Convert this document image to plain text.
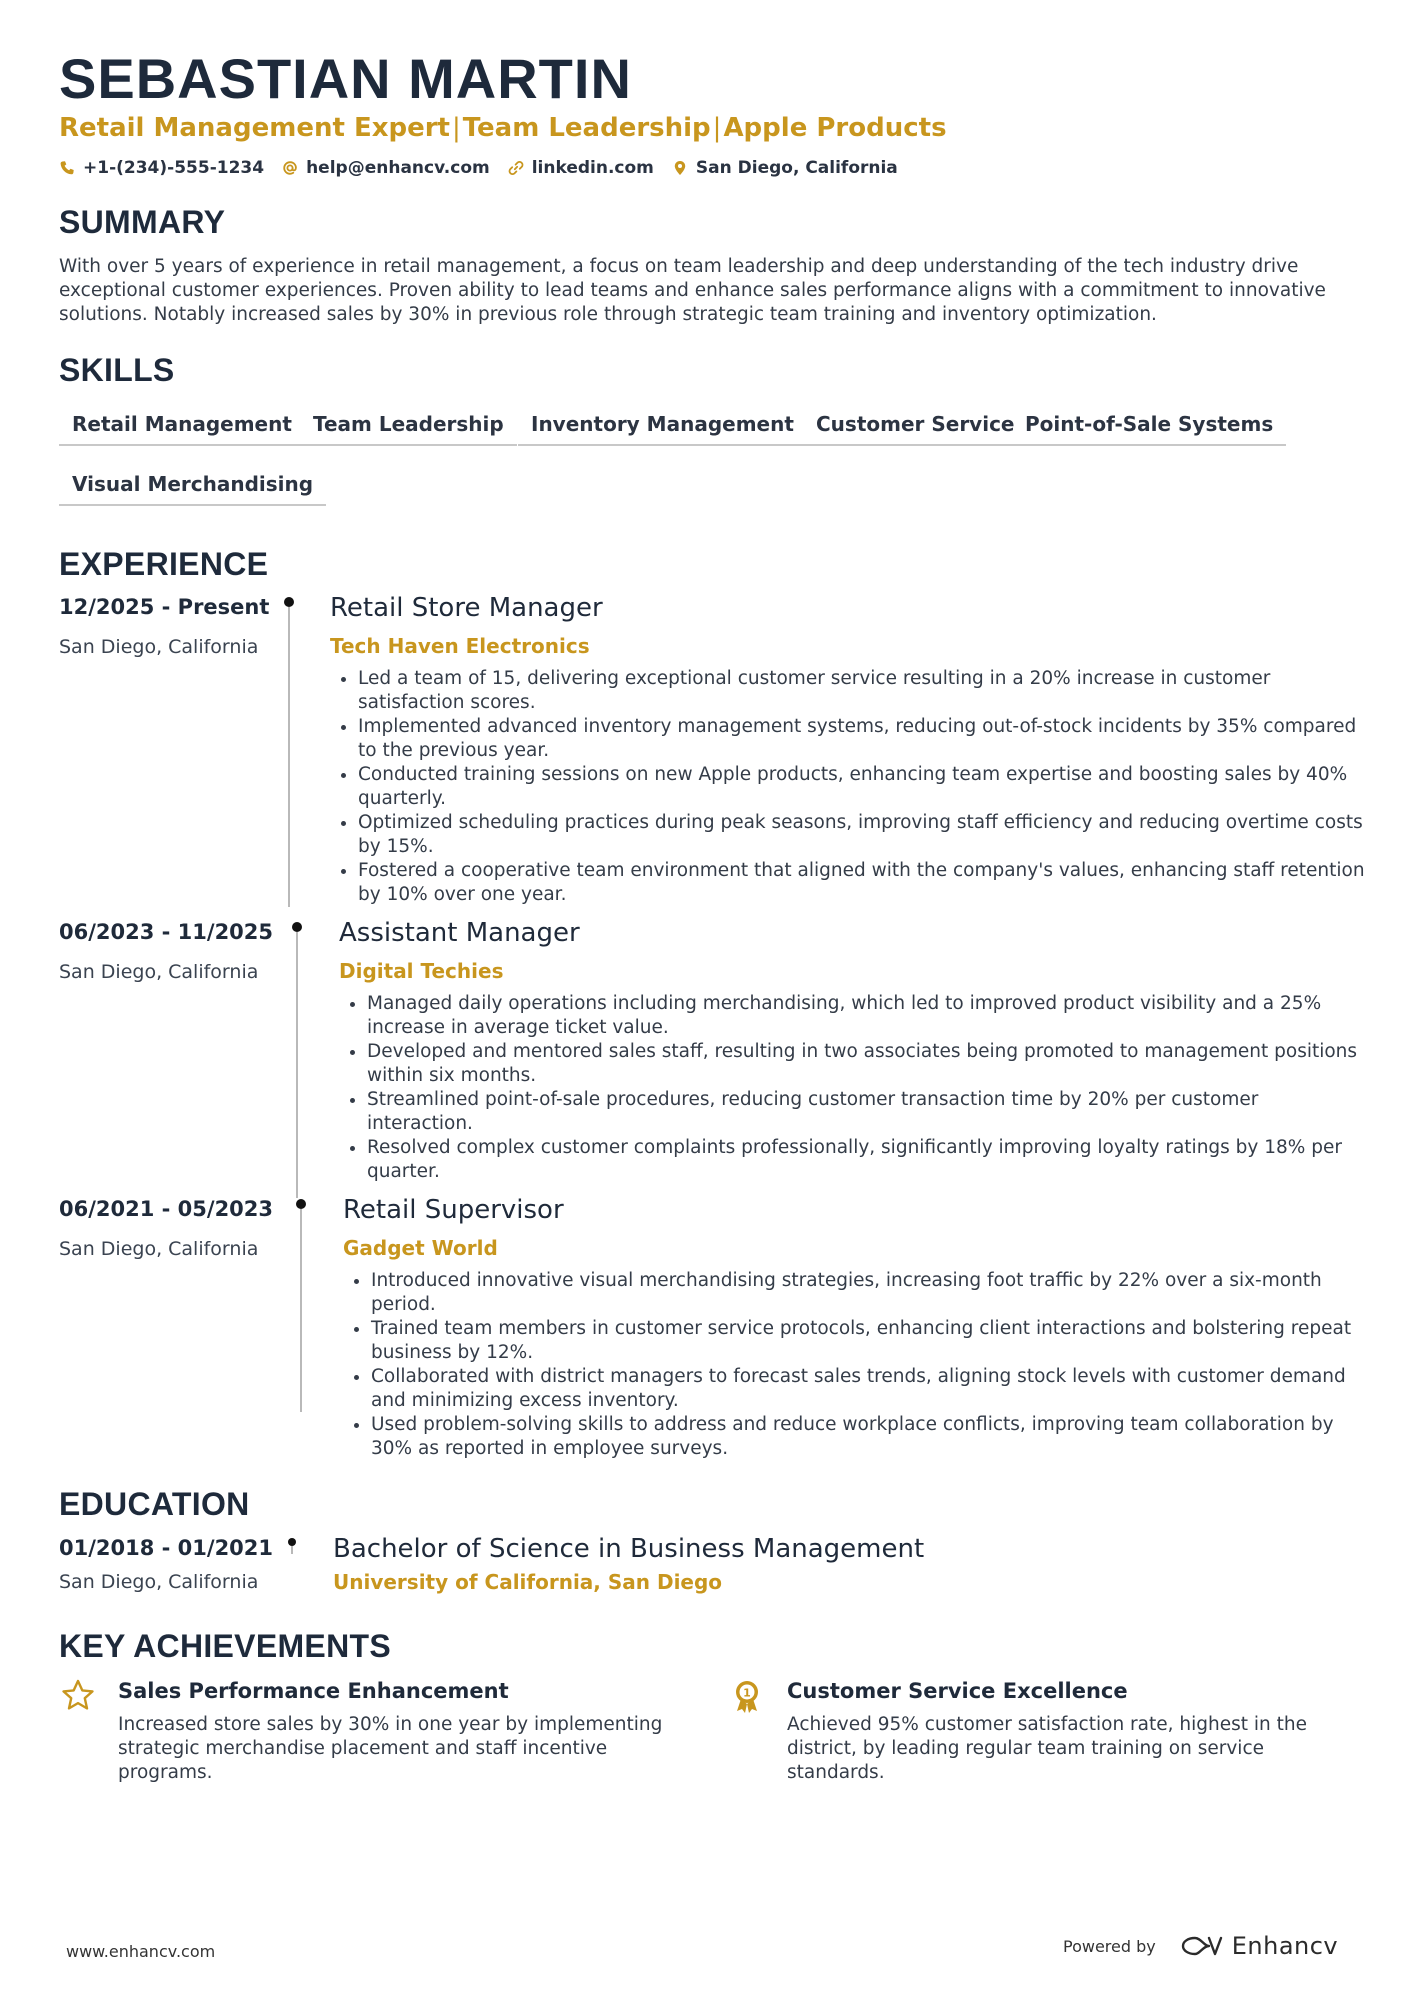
SEBASTIAN MARTIN
Retail Management Expert|Team Leadership|Apple Products
+1-(234)-555-1234 help@enhancv.com linkedin.com San Diego, California
SUMMARY
With over 5 years of experience in retail management, a focus on team leadership and deep understanding of the tech industry drive exceptional customer experiences. Proven ability to lead teams and enhance sales performance aligns with a commitment to innovative solutions. Notably increased sales by 30% in previous role through strategic team training and inventory optimization.
SKILLS
Retail Management	Team Leadership	Inventory Management	Customer Service Point-of-Sale Systems
Visual Merchandising
EXPERIENCE
12/2025 - Present
San Diego, California
Retail Store Manager
Tech Haven Electronics
• Led a team of 15, delivering exceptional customer service resulting in a 20% increase in customer satisfaction scores.
• Implemented advanced inventory management systems, reducing out-of-stock incidents by 35% compared to the previous year.
• Conducted training sessions on new Apple products, enhancing team expertise and boosting sales by 40% quarterly.
• Optimized scheduling practices during peak seasons, improving staff efficiency and reducing overtime costs by 15%.
• Fostered a cooperative team environment that aligned with the company's values, enhancing staff retention by 10% over one year.
06/2023 - 11/2025
San Diego, California
Assistant Manager
Digital Techies
• Managed daily operations including merchandising, which led to improved product visibility and a 25% increase in average ticket value.
• Developed and mentored sales staff, resulting in two associates being promoted to management positions within six months.
• Streamlined point-of-sale procedures, reducing customer transaction time by 20% per customer interaction.
• Resolved complex customer complaints professionally, significantly improving loyalty ratings by 18% per quarter.
06/2021 - 05/2023
San Diego, California
Retail Supervisor
Gadget World
• Introduced innovative visual merchandising strategies, increasing foot traffic by 22% over a six-month period.
• Trained team members in customer service protocols, enhancing client interactions and bolstering repeat business by 12%.
• Collaborated with district managers to forecast sales trends, aligning stock levels with customer demand and minimizing excess inventory.
• Used problem-solving skills to address and reduce workplace conflicts, improving team collaboration by 30% as reported in employee surveys.
EDUCATION
01/2018 - 01/2021
San Diego, California
Bachelor of Science in Business Management
University of California, San Diego
KEY ACHIEVEMENTS
Sales Performance Enhancement
Increased store sales by 30% in one year by implementing strategic merchandise placement and staff incentive programs.
1 Customer Service Excellence
Achieved 95% customer satisfaction rate, highest in the district, by leading regular team training on service standards.
www.enhancv.com	Powered by	Enhancv
